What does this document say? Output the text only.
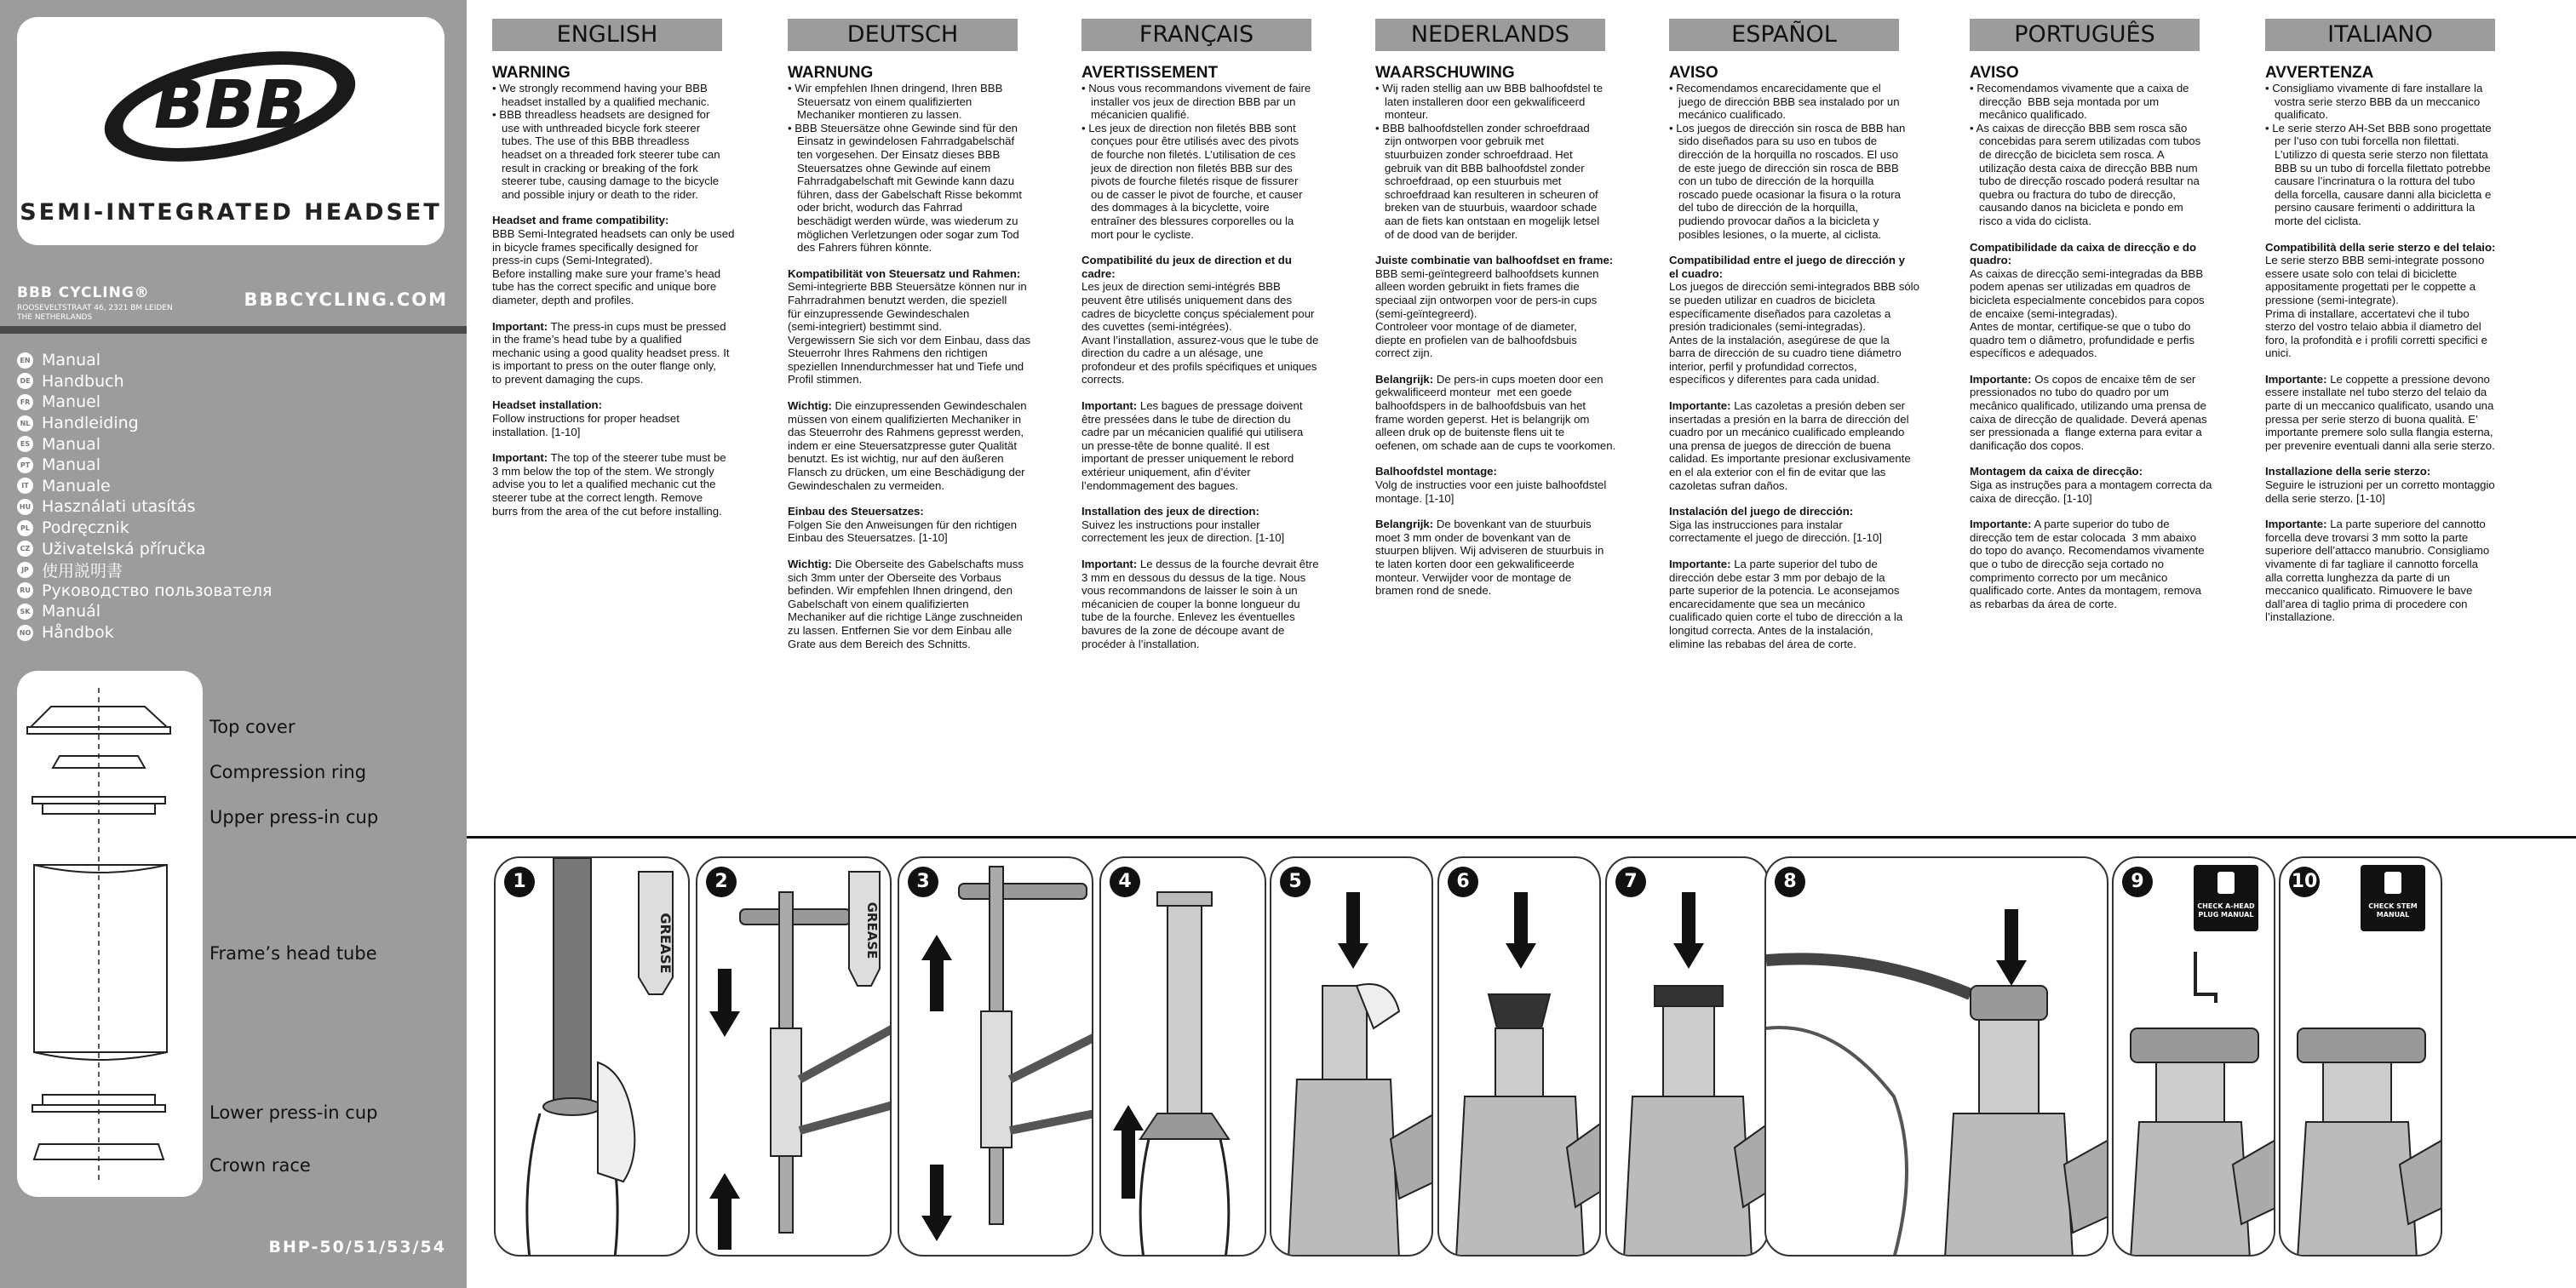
BBB
SEMI-INTEGRATED HEADSET
BBB CYCLING®
ROOSEVELTSTRAAT 46, 2321 BM LEIDEN
THE NETHERLANDS
BBBCYCLING.COM
EN Manual
DE Handbuch
FR Manuel
NL Handleiding
ES Manual
PT Manual
IT Manuale
HU Használati utasítás
PL Podręcznik
CZ Uživatelská příručka
JP 使用説明書
RU Руководство пользователя
SK Manuál
NO Håndbok
Top cover
Compression ring
Upper press-in cup
Frame’s head tube
Lower press-in cup
Crown race
BHP-50/51/53/54
ENGLISH
WARNING
• We strongly recommend having your BBB
headset installed by a qualified mechanic.
• BBB threadless headsets are designed for
use with unthreaded bicycle fork steerer
tubes. The use of this BBB threadless
headset on a threaded fork steerer tube can
result in cracking or breaking of the fork
steerer tube, causing damage to the bicycle
and possible injury or death to the rider.
Headset and frame compatibility:
BBB Semi-Integrated headsets can only be used
in bicycle frames specifically designed for
press-in cups (Semi-Integrated).
Before installing make sure your frame’s head
tube has the correct specific and unique bore
diameter, depth and profiles.
Important: The press-in cups must be pressed
in the frame’s head tube by a qualified
mechanic using a good quality headset press. It
is important to press on the outer flange only,
to prevent damaging the cups.
Headset installation:
Follow instructions for proper headset
installation. [1-10]
Important: The top of the steerer tube must be
3 mm below the top of the stem. We strongly
advise you to let a qualified mechanic cut the
steerer tube at the correct length. Remove
burrs from the area of the cut before installing.
DEUTSCH
WARNUNG
• Wir empfehlen Ihnen dringend, Ihren BBB
Steuersatz von einem qualifizierten
Mechaniker montieren zu lassen.
• BBB Steuersätze ohne Gewinde sind für den
Einsatz in gewindelosen Fahrradgabelschäf
ten vorgesehen. Der Einsatz dieses BBB
Steuersatzes ohne Gewinde auf einem
Fahrradgabelschaft mit Gewinde kann dazu
führen, dass der Gabelschaft Risse bekommt
oder bricht, wodurch das Fahrrad
beschädigt werden würde, was wiederum zu
möglichen Verletzungen oder sogar zum Tod
des Fahrers führen könnte.
Kompatibilität von Steuersatz und Rahmen:
Semi-integrierte BBB Steuersätze können nur in
Fahrradrahmen benutzt werden, die speziell
für einzupressende Gewindeschalen
(semi-integriert) bestimmt sind.
Vergewissern Sie sich vor dem Einbau, dass das
Steuerrohr Ihres Rahmens den richtigen
speziellen Innendurchmesser hat und Tiefe und
Profil stimmen.
Wichtig: Die einzupressenden Gewindeschalen
müssen von einem qualifizierten Mechaniker in
das Steuerrohr des Rahmens gepresst werden,
indem er eine Steuersatzpresse guter Qualität
benutzt. Es ist wichtig, nur auf den äußeren
Flansch zu drücken, um eine Beschädigung der
Gewindeschalen zu vermeiden.
Einbau des Steuersatzes:
Folgen Sie den Anweisungen für den richtigen
Einbau des Steuersatzes. [1-10]
Wichtig: Die Oberseite des Gabelschafts muss
sich 3mm unter der Oberseite des Vorbaus
befinden. Wir empfehlen Ihnen dringend, den
Gabelschaft von einem qualifizierten
Mechaniker auf die richtige Länge zuschneiden
zu lassen. Entfernen Sie vor dem Einbau alle
Grate aus dem Bereich des Schnitts.
FRANÇAIS
AVERTISSEMENT
• Nous vous recommandons vivement de faire
installer vos jeux de direction BBB par un
mécanicien qualifié.
• Les jeux de direction non filetés BBB sont
conçues pour être utilisés avec des pivots
de fourche non filetés. L’utilisation de ces
jeux de direction non filetés BBB sur des
pivots de fourche filetés risque de fissurer
ou de casser le pivot de fourche, et causer
des dommages à la bicyclette, voire
entraîner des blessures corporelles ou la
mort pour le cycliste.
Compatibilité du jeux de direction et du
cadre:
Les jeux de direction semi-intégrés BBB
peuvent être utilisés uniquement dans des
cadres de bicyclette conçus spécialement pour
des cuvettes (semi-intégrées).
Avant l’installation, assurez-vous que le tube de
direction du cadre a un alésage, une
profondeur et des profils spécifiques et uniques
corrects.
Important: Les bagues de pressage doivent
être pressées dans le tube de direction du
cadre par un mécanicien qualifié qui utilisera
un presse-tête de bonne qualité. Il est
important de presser uniquement le rebord
extérieur uniquement, afin d’éviter
l’endommagement des bagues.
Installation des jeux de direction:
Suivez les instructions pour installer
correctement les jeux de direction. [1-10]
Important: Le dessus de la fourche devrait être
3 mm en dessous du dessus de la tige. Nous
vous recommandons de laisser le soin à un
mécanicien de couper la bonne longueur du
tube de la fourche. Enlevez les éventuelles
bavures de la zone de découpe avant de
procéder à l’installation.
NEDERLANDS
WAARSCHUWING
• Wij raden stellig aan uw BBB balhoofdstel te
laten installeren door een gekwalificeerd
monteur.
• BBB balhoofdstellen zonder schroefdraad
zijn ontworpen voor gebruik met
stuurbuizen zonder schroefdraad. Het
gebruik van dit BBB balhoofdstel zonder
schroefdraad, op een stuurbuis met
schroefdraad kan resulteren in scheuren of
breken van de stuurbuis, waardoor schade
aan de fiets kan ontstaan en mogelijk letsel
of de dood van de berijder.
Juiste combinatie van balhoofdset en frame:
BBB semi-geïntegreerd balhoofdsets kunnen
alleen worden gebruikt in fiets frames die
speciaal zijn ontworpen voor de pers-in cups
(semi-geïntegreerd).
Controleer voor montage of de diameter,
diepte en profielen van de balhoofdsbuis
correct zijn.
Belangrijk: De pers-in cups moeten door een
gekwalificeerd monteur  met een goede
balhoofdspers in de balhoofdsbuis van het
frame worden geperst. Het is belangrijk om
alleen druk op de buitenste flens uit te
oefenen, om schade aan de cups te voorkomen.
Balhoofdstel montage:
Volg de instructies voor een juiste balhoofdstel
montage. [1-10]
Belangrijk: De bovenkant van de stuurbuis
moet 3 mm onder de bovenkant van de
stuurpen blijven. Wij adviseren de stuurbuis in
te laten korten door een gekwalificeerde
monteur. Verwijder voor de montage de
bramen rond de snede.
ESPAÑOL
AVISO
• Recomendamos encarecidamente que el
juego de dirección BBB sea instalado por un
mecánico cualificado.
• Los juegos de dirección sin rosca de BBB han
sido diseñados para su uso en tubos de
dirección de la horquilla no roscados. El uso
de este juego de dirección sin rosca de BBB
con un tubo de dirección de la horquilla
roscado puede ocasionar la fisura o la rotura
del tubo de dirección de la horquilla,
pudiendo provocar daños a la bicicleta y
posibles lesiones, o la muerte, al ciclista.
Compatibilidad entre el juego de dirección y
el cuadro:
Los juegos de dirección semi-integrados BBB sólo
se pueden utilizar en cuadros de bicicleta
específicamente diseñados para cazoletas a
presión tradicionales (semi-integradas).
Antes de la instalación, asegúrese de que la
barra de dirección de su cuadro tiene diámetro
interior, perfil y profundidad correctos,
específicos y diferentes para cada unidad.
Importante: Las cazoletas a presión deben ser
insertadas a presión en la barra de dirección del
cuadro por un mecánico cualificado empleando
una prensa de juegos de dirección de buena
calidad. Es importante presionar exclusivamente
en el ala exterior con el fin de evitar que las
cazoletas sufran daños.
Instalación del juego de dirección:
Siga las instrucciones para instalar
correctamente el juego de dirección. [1-10]
Importante: La parte superior del tubo de
dirección debe estar 3 mm por debajo de la
parte superior de la potencia. Le aconsejamos
encarecidamente que sea un mecánico
cualificado quien corte el tubo de dirección a la
longitud correcta. Antes de la instalación,
elimine las rebabas del área de corte.
PORTUGUÊS
AVISO
• Recomendamos vivamente que a caixa de
direcção  BBB seja montada por um
mecânico qualificado.
• As caixas de direcção BBB sem rosca são
concebidas para serem utilizadas com tubos
de direcção de bicicleta sem rosca. A
utilização desta caixa de direcção BBB num
tubo de direcção roscado poderá resultar na
quebra ou fractura do tubo de direcção,
causando danos na bicicleta e pondo em
risco a vida do ciclista.
Compatibilidade da caixa de direcção e do
quadro:
As caixas de direcção semi-integradas da BBB
podem apenas ser utilizadas em quadros de
bicicleta especialmente concebidos para copos
de encaixe (semi-integradas).
Antes de montar, certifique-se que o tubo do
quadro tem o diâmetro, profundidade e perfis
específicos e adequados.
Importante: Os copos de encaixe têm de ser
pressionados no tubo do quadro por um
mecânico qualificado, utilizando uma prensa de
caixa de direcção de qualidade. Deverá apenas
ser pressionada a  flange externa para evitar a
danificação dos copos.
Montagem da caixa de direcção:
Siga as instruções para a montagem correcta da
caixa de direcção. [1-10]
Importante: A parte superior do tubo de
direcção tem de estar colocada  3 mm abaixo
do topo do avanço. Recomendamos vivamente
que o tubo de direcção seja cortado no
comprimento correcto por um mecânico
qualificado corte. Antes da montagem, remova
as rebarbas da área de corte.
ITALIANO
AVVERTENZA
• Consigliamo vivamente di fare installare la
vostra serie sterzo BBB da un meccanico
qualificato.
• Le serie sterzo AH-Set BBB sono progettate
per l’uso con tubi forcella non filettati.
L’utilizzo di questa serie sterzo non filettata
BBB su un tubo di forcella filettato potrebbe
causare l’incrinatura o la rottura del tubo
della forcella, causare danni alla bicicletta e
persino causare ferimenti o addirittura la
morte del ciclista.
Compatibilità della serie sterzo e del telaio:
Le serie sterzo BBB semi-integrate possono
essere usate solo con telai di biciclette
appositamente progettati per le coppette a
pressione (semi-integrate).
Prima di installare, accertatevi che il tubo
sterzo del vostro telaio abbia il diametro del
foro, la profondità e i profili corretti specifici e
unici.
Importante: Le coppette a pressione devono
essere installate nel tubo sterzo del telaio da
parte di un meccanico qualificato, usando una
pressa per serie sterzo di buona qualità. E’
importante premere solo sulla flangia esterna,
per prevenire eventuali danni alla serie sterzo.
Installazione della serie sterzo:
Seguire le istruzioni per un corretto montaggio
della serie sterzo. [1-10]
Importante: La parte superiore del cannotto
forcella deve trovarsi 3 mm sotto la parte
superiore dell’attacco manubrio. Consigliamo
vivamente di far tagliare il cannotto forcella
alla corretta lunghezza da parte di un
meccanico qualificato. Rimuovere le bave
dall’area di taglio prima di procedere con
l’installazione.
1
GREASE
2
GREASE
3	4	5	6	7	8	9
CHECK A-HEAD PLUG MANUAL
10
CHECK STEM MANUAL
